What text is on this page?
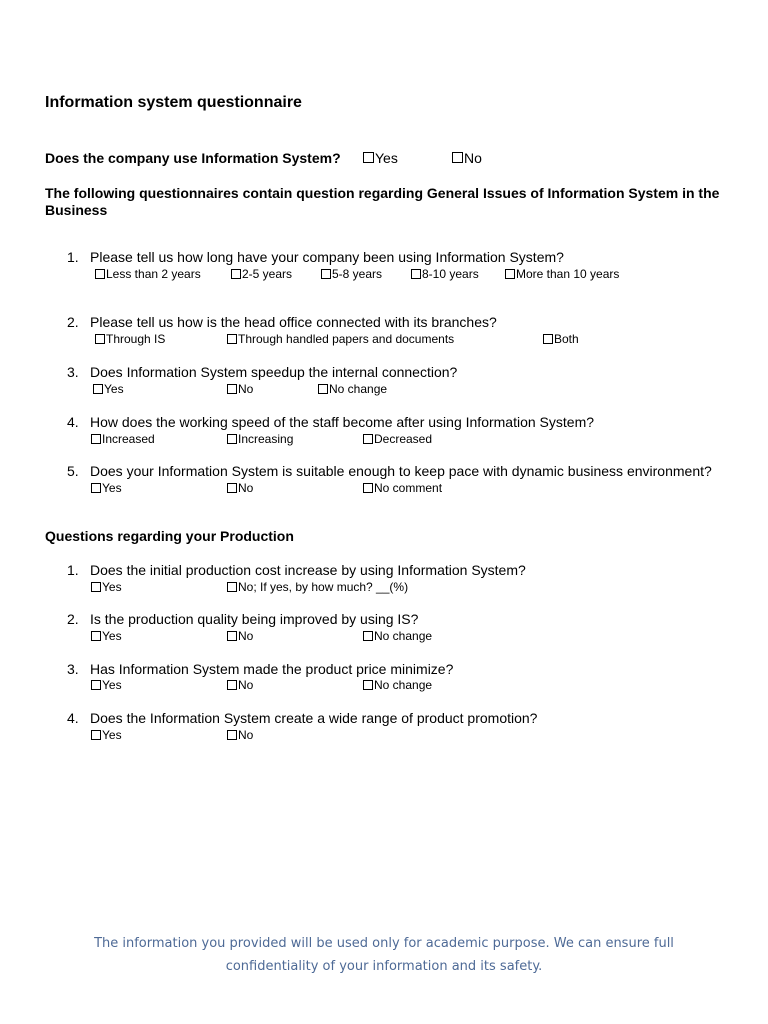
Information system questionnaire
Does the company use Information System?	Yes	No
The following questionnaires contain question regarding General Issues of Information System in the Business
1. Please tell us how long have your company been using Information System?
Less than 2 years	2-5 years	5-8 years	8-10 years	More than 10 years
2. Please tell us how is the head office connected with its branches?
Through IS	Through handled papers and documents	Both
3. Does Information System speedup the internal connection?
Yes	No	No change
4. How does the working speed of the staff become after using Information System?
Increased	Increasing	Decreased
5. Does your Information System is suitable enough to keep pace with dynamic business environment?
Yes	No	No comment
Questions regarding your Production
1. Does the initial production cost increase by using Information System?
Yes	No; If yes, by how much? __(%)
2. Is the production quality being improved by using IS?
Yes	No	No change
3. Has Information System made the product price minimize?
Yes	No	No change
4. Does the Information System create a wide range of product promotion?
Yes	No
The information you provided will be used only for academic purpose. We can ensure full confidentiality of your information and its safety.
